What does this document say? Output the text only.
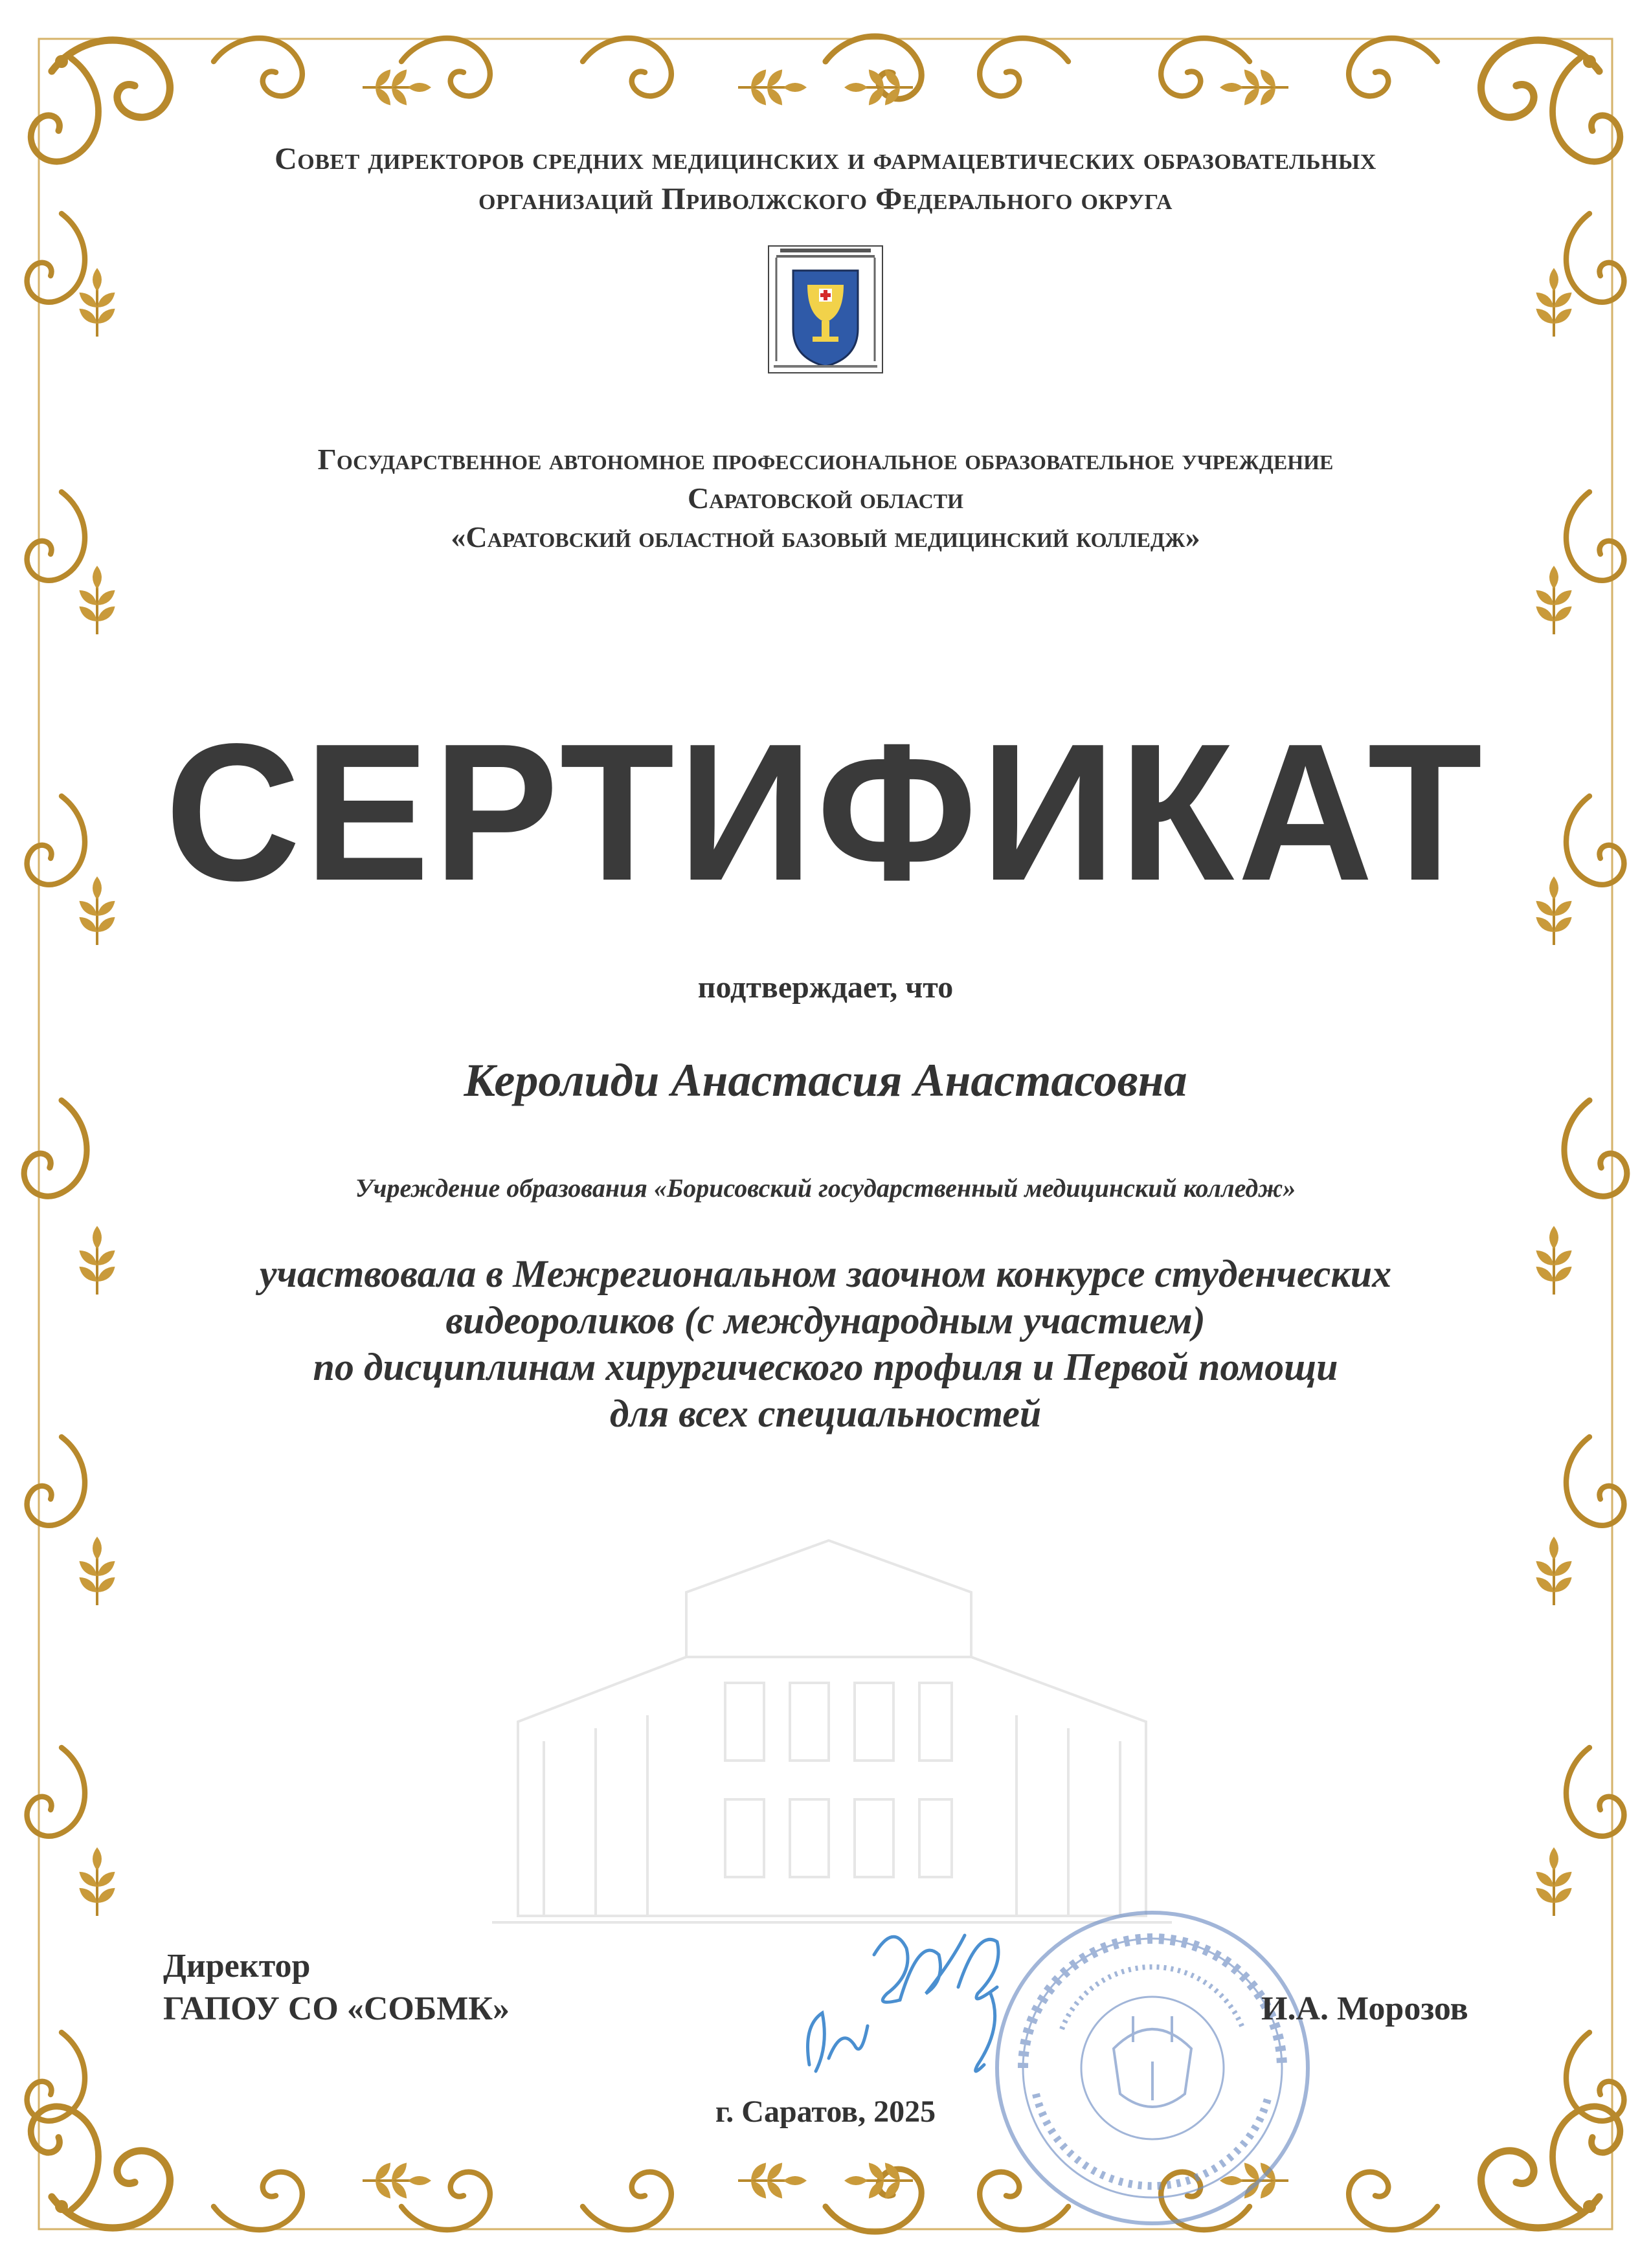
Совет директоров средних медицинских и фармацевтических образовательных
организаций Приволжского Федерального округа
Государственное автономное профессиональное образовательное учреждение
Саратовской области
«Саратовский областной базовый медицинский колледж»
СЕРТИФИКАТ
подтверждает, что
Керолиди Анастасия Анастасовна
Учреждение образования «Борисовский государственный медицинский колледж»
участвовала в Межрегиональном заочном конкурсе студенческих
видеороликов (с международным участием)
по дисциплинам хирургического профиля и Первой помощи
для всех специальностей
Директор
ГАПОУ СО «СОБМК»	И.А. Морозов
г. Саратов, 2025
